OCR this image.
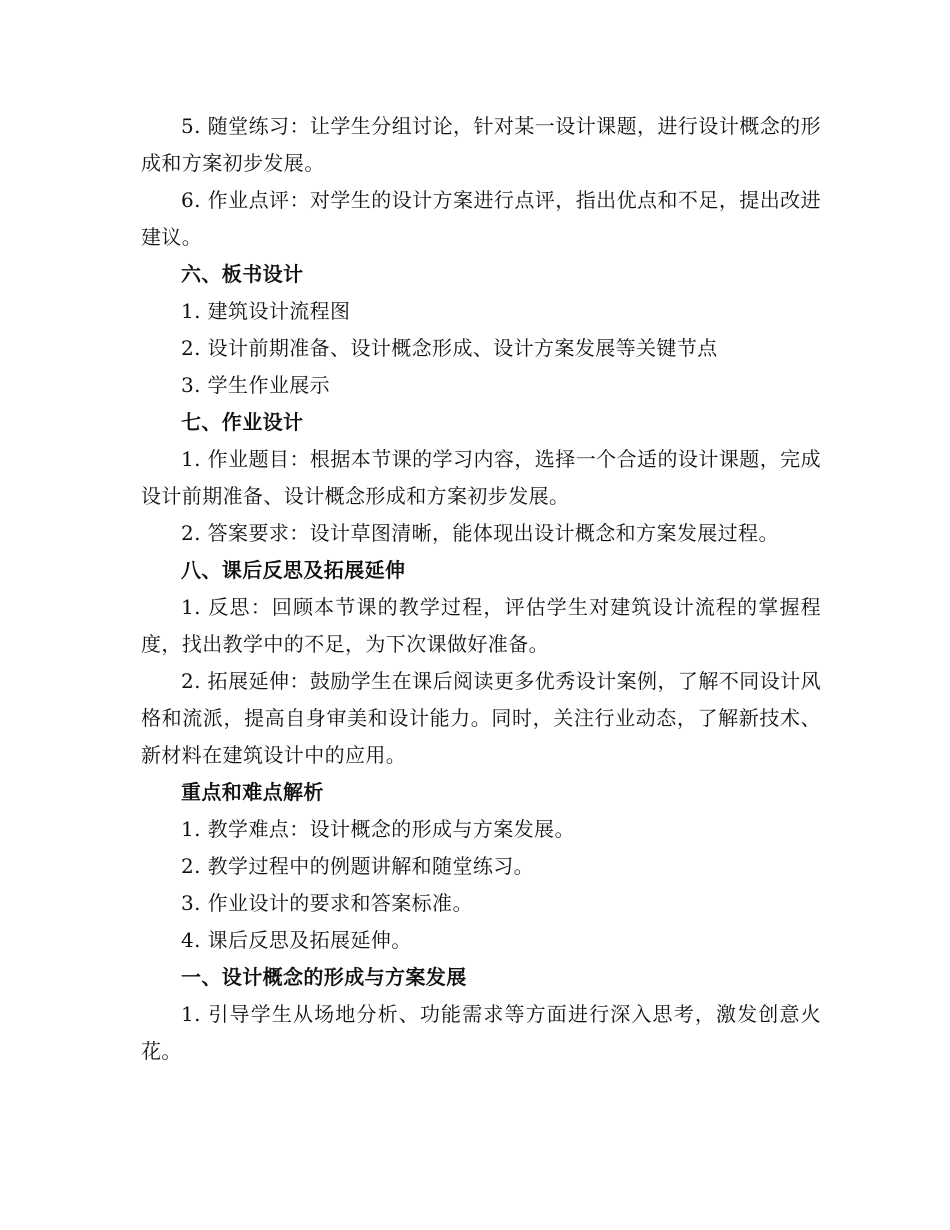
5. 随堂练习：让学生分组讨论，针对某一设计课题，进行设计概念的形成和方案初步发展。

6. 作业点评：对学生的设计方案进行点评，指出优点和不足，提出改进建议。

六、板书设计

1. 建筑设计流程图

2. 设计前期准备、设计概念形成、设计方案发展等关键节点

3. 学生作业展示

七、作业设计

1. 作业题目：根据本节课的学习内容，选择一个合适的设计课题，完成设计前期准备、设计概念形成和方案初步发展。

2. 答案要求：设计草图清晰，能体现出设计概念和方案发展过程。

八、课后反思及拓展延伸

1. 反思：回顾本节课的教学过程，评估学生对建筑设计流程的掌握程度，找出教学中的不足，为下次课做好准备。

2. 拓展延伸：鼓励学生在课后阅读更多优秀设计案例，了解不同设计风格和流派，提高自身审美和设计能力。同时，关注行业动态，了解新技术、新材料在建筑设计中的应用。

重点和难点解析

1. 教学难点：设计概念的形成与方案发展。

2. 教学过程中的例题讲解和随堂练习。

3. 作业设计的要求和答案标准。

4. 课后反思及拓展延伸。

一、设计概念的形成与方案发展

1. 引导学生从场地分析、功能需求等方面进行深入思考，激发创意火花。
